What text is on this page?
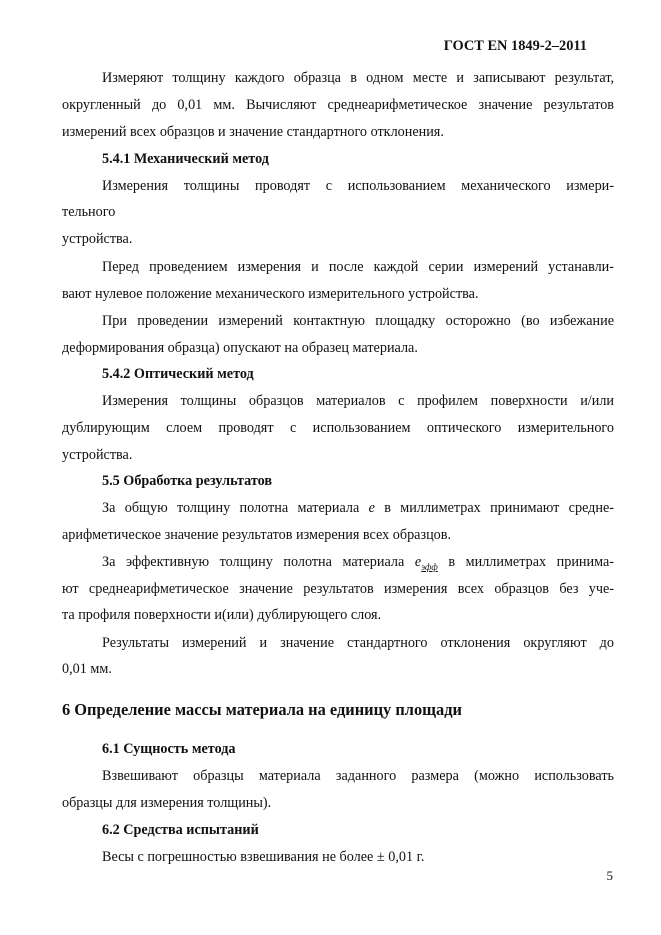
ГОСТ EN 1849-2–2011
Измеряют толщину каждого образца в одном месте и записывают результат,
округленный до 0,01 мм. Вычисляют среднеарифметическое значение результатов
измерений всех образцов и значение стандартного отклонения.
5.4.1 Механический метод
Измерения толщины проводят с использованием механического измери-
тельного
устройства.
Перед проведением измерения и после каждой серии измерений устанавли-
вают нулевое положение механического измерительного устройства.
При проведении измерений контактную площадку осторожно (во избежание
деформирования образца) опускают на образец материала.
5.4.2 Оптический метод
Измерения толщины образцов материалов с профилем поверхности и/или
дублирующим слоем проводят с использованием оптического измерительного
устройства.
5.5 Обработка результатов
За общую толщину полотна материала e в миллиметрах принимают средне-
арифметическое значение результатов измерения всех образцов.
За эффективную толщину полотна материала $e_{эфф}$ в миллиметрах принима-
ют среднеарифметическое значение результатов измерения всех образцов без уче-
та профиля поверхности и(или) дублирующего слоя.
Результаты измерений и значение стандартного отклонения округляют до
0,01 мм.
6 Определение массы материала на единицу площади
6.1 Сущность метода
Взвешивают образцы материала заданного размера (можно использовать
образцы для измерения толщины).
6.2 Средства испытаний
Весы с погрешностью взвешивания не более ± 0,01 г.
5
